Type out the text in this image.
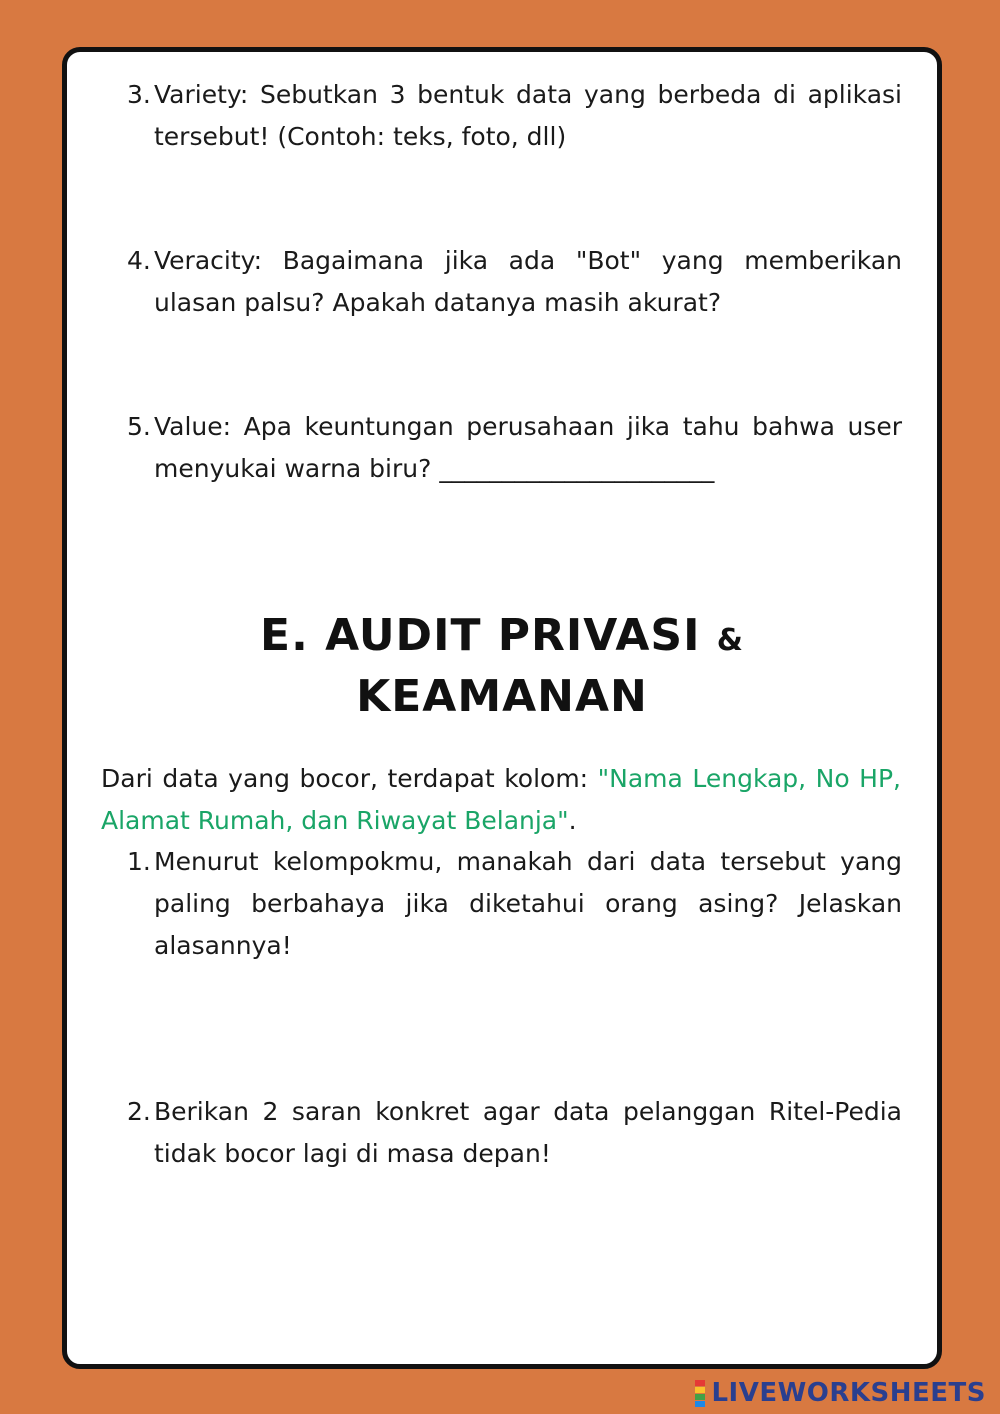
3. Variety: Sebutkan 3 bentuk data yang berbeda di aplikasi tersebut! (Contoh: teks, foto, dll)
4. Veracity: Bagaimana jika ada "Bot" yang memberikan ulasan palsu? Apakah datanya masih akurat?
5. Value: Apa keuntungan perusahaan jika tahu bahwa user menyukai warna biru? ______________________
E. AUDIT PRIVASI &
KEAMANAN
Dari data yang bocor, terdapat kolom: "Nama Lengkap, No HP, Alamat Rumah, dan Riwayat Belanja".
1. Menurut kelompokmu, manakah dari data tersebut yang paling berbahaya jika diketahui orang asing? Jelaskan alasannya!
2. Berikan 2 saran konkret agar data pelanggan Ritel-Pedia tidak bocor lagi di masa depan!
LIVEWORKSHEETS
